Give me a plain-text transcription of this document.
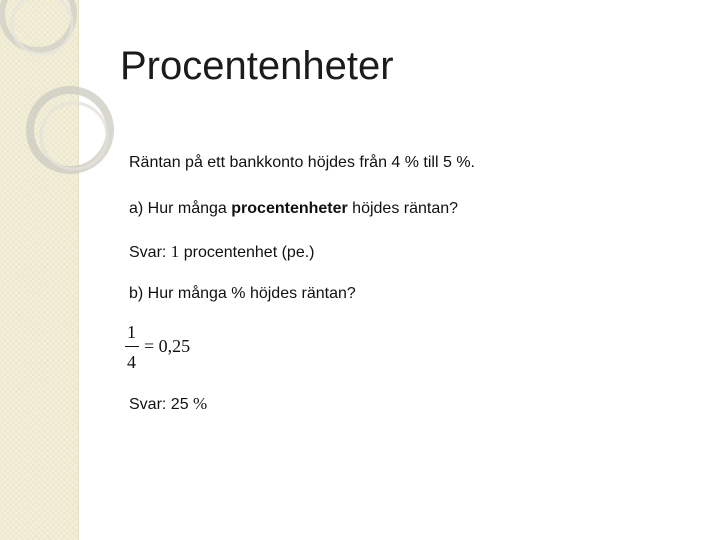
Procentenheter

Räntan på ett bankkonto höjdes från 4 % till 5 %.

a) Hur många procentenheter höjdes räntan?

Svar: 1 procentenhet (pe.)

b) Hur många % höjdes räntan?

1
4
= 0,25

Svar: 25 %
